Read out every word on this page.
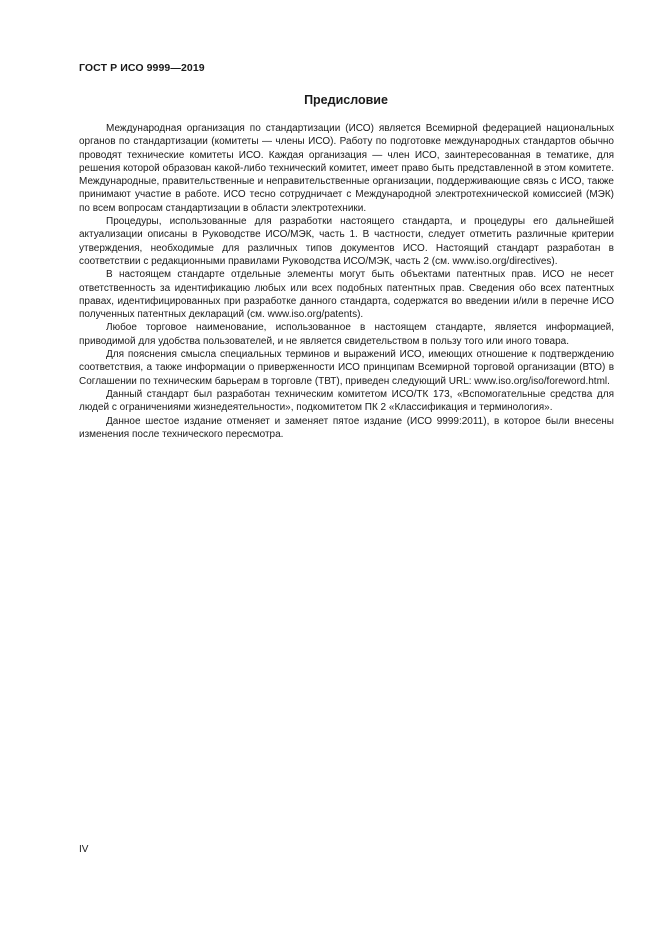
ГОСТ Р ИСО 9999—2019
Предисловие

Международная организация по стандартизации (ИСО) является Всемирной федерацией национальных органов по стандартизации (комитеты — члены ИСО). Работу по подготовке международных стандартов обычно проводят технические комитеты ИСО. Каждая организация — член ИСО, заинтересованная в тематике, для решения которой образован какой-либо технический комитет, имеет право быть представленной в этом комитете. Международные, правительственные и неправительственные организации, поддерживающие связь с ИСО, также принимают участие в работе. ИСО тесно сотрудничает с Международной электротехнической комиссией (МЭК) по всем вопросам стандартизации в области электротехники.

Процедуры, использованные для разработки настоящего стандарта, и процедуры его дальнейшей актуализации описаны в Руководстве ИСО/МЭК, часть 1. В частности, следует отметить различные критерии утверждения, необходимые для различных типов документов ИСО. Настоящий стандарт разработан в соответствии с редакционными правилами Руководства ИСО/МЭК, часть 2 (см. www.iso.org/directives).

В настоящем стандарте отдельные элементы могут быть объектами патентных прав. ИСО не несет ответственность за идентификацию любых или всех подобных патентных прав. Сведения обо всех патентных правах, идентифицированных при разработке данного стандарта, содержатся во введении и/или в перечне ИСО полученных патентных деклараций (см. www.iso.org/patents).

Любое торговое наименование, использованное в настоящем стандарте, является информацией, приводимой для удобства пользователей, и не является свидетельством в пользу того или иного товара.

Для пояснения смысла специальных терминов и выражений ИСО, имеющих отношение к подтверждению соответствия, а также информации о приверженности ИСО принципам Всемирной торговой организации (ВТО) в Соглашении по техническим барьерам в торговле (ТВТ), приведен следующий URL: www.iso.org/iso/foreword.html.

Данный стандарт был разработан техническим комитетом ИСО/ТК 173, «Вспомогательные средства для людей с ограничениями жизнедеятельности», подкомитетом ПК 2 «Классификация и терминология».

Данное шестое издание отменяет и заменяет пятое издание (ИСО 9999:2011), в которое были внесены изменения после технического пересмотра.

IV
